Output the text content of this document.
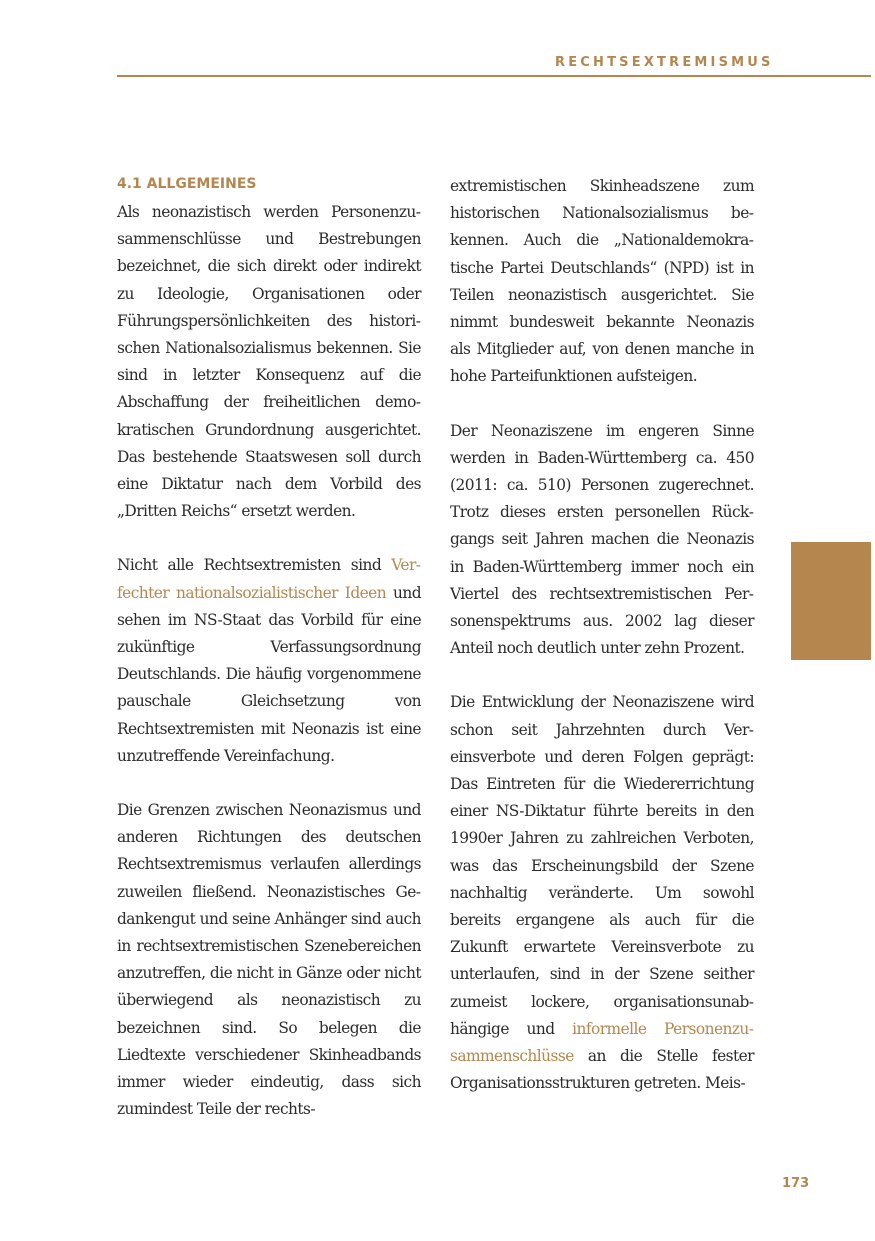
RECHTSEXTREMISMUS
4.1 ALLGEMEINES

Als neonazistisch werden Personenzusammenschlüsse und Bestrebungen bezeichnet, die sich direkt oder indirekt zu Ideologie, Organisationen oder Führungspersönlichkeiten des historischen Nationalsozialismus bekennen. Sie sind in letzter Konsequenz auf die Abschaffung der freiheitlichen demokratischen Grundordnung ausgerichtet. Das bestehende Staatswesen soll durch eine Diktatur nach dem Vorbild des „Dritten Reichs“ ersetzt werden.

Nicht alle Rechtsextremisten sind Verfechter nationalsozialistischer Ideen und sehen im NS-Staat das Vorbild für eine zukünftige Verfassungsordnung Deutschlands. Die häufig vorgenommene pauschale Gleichsetzung von Rechtsextremisten mit Neonazis ist eine unzutreffende Vereinfachung.

Die Grenzen zwischen Neonazismus und anderen Richtungen des deutschen Rechtsextremismus verlaufen allerdings zuweilen fließend. Neonazistisches Gedankengut und seine Anhänger sind auch in rechtsextremistischen Szenebereichen anzutreffen, die nicht in Gänze oder nicht überwiegend als neonazistisch zu bezeichnen sind. So belegen die Liedtexte verschiedener Skinheadbands immer wieder eindeutig, dass sich zumindest Teile der rechts-

extremistischen Skinheadszene zum historischen Nationalsozialismus bekennen. Auch die „Nationaldemokratische Partei Deutschlands“ (NPD) ist in Teilen neonazistisch ausgerichtet. Sie nimmt bundesweit bekannte Neonazis als Mitglieder auf, von denen manche in hohe Parteifunktionen aufsteigen.

Der Neonaziszene im engeren Sinne werden in Baden-Württemberg ca. 450 (2011: ca. 510) Personen zugerechnet. Trotz dieses ersten personellen Rückgangs seit Jahren machen die Neonazis in Baden-Württemberg immer noch ein Viertel des rechtsextremistischen Personenspektrums aus. 2002 lag dieser Anteil noch deutlich unter zehn Prozent.

Die Entwicklung der Neonaziszene wird schon seit Jahrzehnten durch Vereinsverbote und deren Folgen geprägt: Das Eintreten für die Wiedererrichtung einer NS-Diktatur führte bereits in den 1990er Jahren zu zahlreichen Verboten, was das Erscheinungsbild der Szene nachhaltig veränderte. Um sowohl bereits ergangene als auch für die Zukunft erwartete Vereinsverbote zu unterlaufen, sind in der Szene seither zumeist lockere, organisationsunabhängige und informelle Personenzusammenschlüsse an die Stelle fester Organisationsstrukturen getreten. Meis-

173
